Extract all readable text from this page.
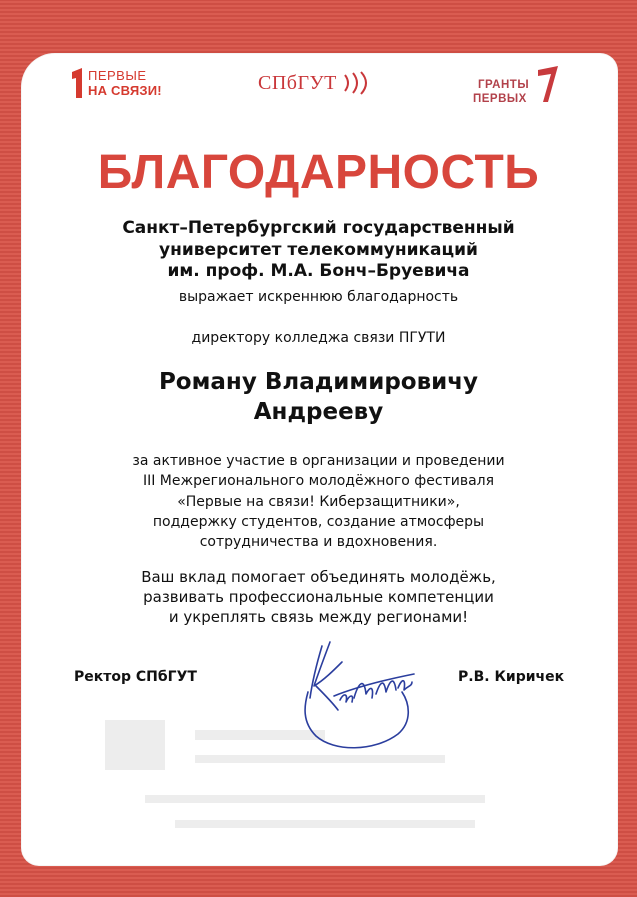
ПЕРВЫЕ
НА СВЯЗИ!	СПбГУТ	ГРАНТЫ
ПЕРВЫХ
БЛАГОДАРНОСТЬ
Санкт–Петербургский государственный
университет телекоммуникаций
им. проф. М.А. Бонч–Бруевича
выражает искреннюю благодарность
директору колледжа связи ПГУТИ
Роману Владимировичу
Андрееву
за активное участие в организации и проведении
III Межрегионального молодёжного фестиваля
«Первые на связи! Киберзащитники»,
поддержку студентов, создание атмосферы
сотрудничества и вдохновения.
Ваш вклад помогает объединять молодёжь,
развивать профессиональные компетенции
и укреплять связь между регионами!
Ректор СПбГУТ	Р.В. Киричек
